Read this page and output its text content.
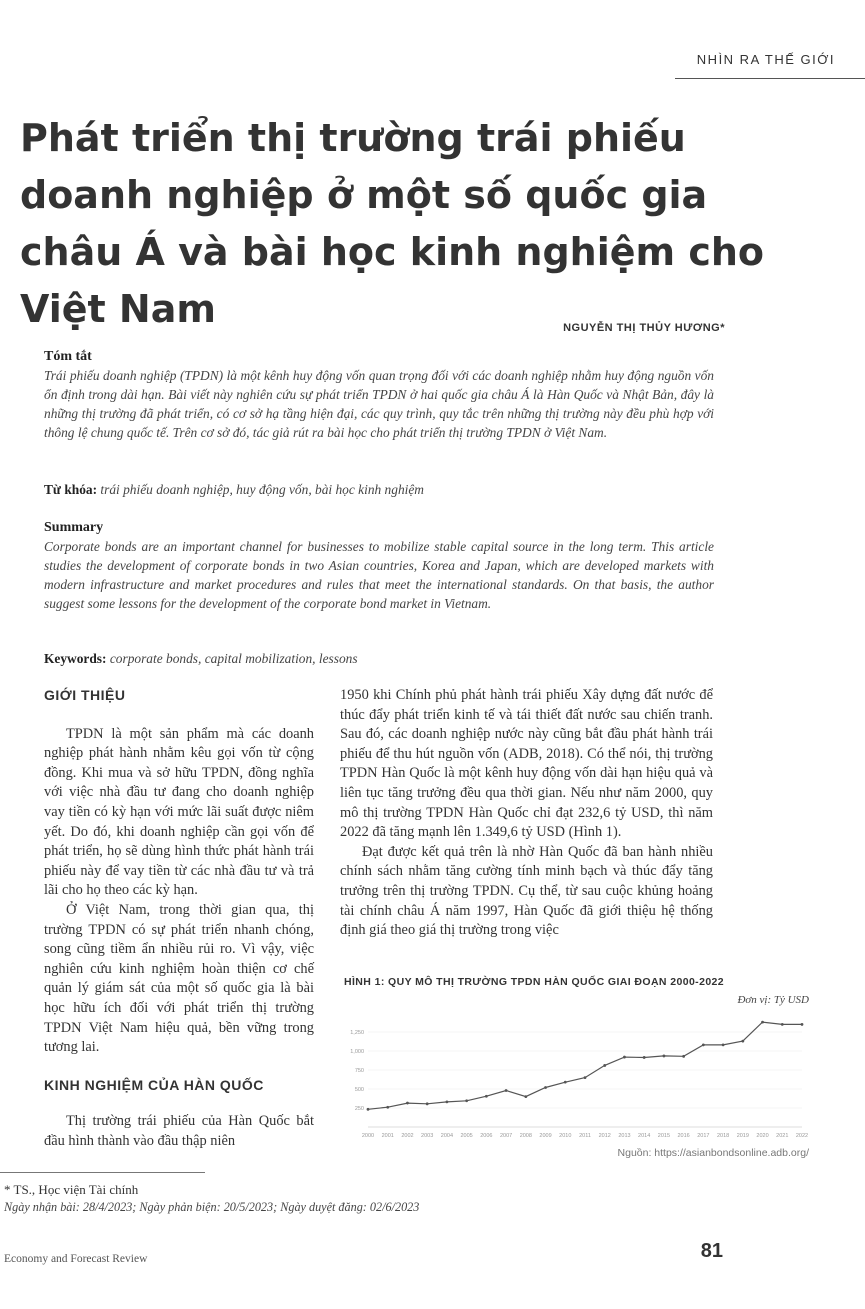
NHÌN RA THẾ GIỚI
Phát triển thị trường trái phiếu doanh nghiệp ở một số quốc gia châu Á và bài học kinh nghiệm cho Việt Nam	NGUYỄN THỊ THỦY HƯƠNG*
Tóm tắt

Trái phiếu doanh nghiệp (TPDN) là một kênh huy động vốn quan trọng đối với các doanh nghiệp nhằm huy động nguồn vốn ổn định trong dài hạn. Bài viết này nghiên cứu sự phát triển TPDN ở hai quốc gia châu Á là Hàn Quốc và Nhật Bản, đây là những thị trường đã phát triển, có cơ sở hạ tầng hiện đại, các quy trình, quy tắc trên những thị trường này đều phù hợp với thông lệ chung quốc tế. Trên cơ sở đó, tác giả rút ra bài học cho phát triển thị trường TPDN ở Việt Nam.

Từ khóa: trái phiếu doanh nghiệp, huy động vốn, bài học kinh nghiệm
Summary

Corporate bonds are an important channel for businesses to mobilize stable capital source in the long term. This article studies the development of corporate bonds in two Asian countries, Korea and Japan, which are developed markets with modern infrastructure and market procedures and rules that meet the international standards. On that basis, the author suggest some lessons for the development of the corporate bond market in Vietnam.

Keywords: corporate bonds, capital mobilization, lessons
GIỚI THIỆU

TPDN là một sản phẩm mà các doanh nghiệp phát hành nhằm kêu gọi vốn từ cộng đồng. Khi mua và sở hữu TPDN, đồng nghĩa với việc nhà đầu tư đang cho doanh nghiệp vay tiền có kỳ hạn với mức lãi suất được niêm yết. Do đó, khi doanh nghiệp cần gọi vốn để phát triển, họ sẽ dùng hình thức phát hành trái phiếu này để vay tiền từ các nhà đầu tư và trả lãi cho họ theo các kỳ hạn.

Ở Việt Nam, trong thời gian qua, thị trường TPDN có sự phát triển nhanh chóng, song cũng tiềm ẩn nhiều rủi ro. Vì vậy, việc nghiên cứu kinh nghiệm hoàn thiện cơ chế quản lý giám sát của một số quốc gia là bài học hữu ích đối với phát triển thị trường TPDN Việt Nam hiệu quả, bền vững trong tương lai.

KINH NGHIỆM CỦA HÀN QUỐC

Thị trường trái phiếu của Hàn Quốc bắt đầu hình thành vào đầu thập niên

1950 khi Chính phủ phát hành trái phiếu Xây dựng đất nước để thúc đẩy phát triển kinh tế và tái thiết đất nước sau chiến tranh. Sau đó, các doanh nghiệp nước này cũng bắt đầu phát hành trái phiếu để thu hút nguồn vốn (ADB, 2018). Có thể nói, thị trường TPDN Hàn Quốc là một kênh huy động vốn dài hạn hiệu quả và liên tục tăng trưởng đều qua thời gian. Nếu như năm 2000, quy mô thị trường TPDN Hàn Quốc chỉ đạt 232,6 tỷ USD, thì năm 2022 đã tăng mạnh lên 1.349,6 tỷ USD (Hình 1).

Đạt được kết quả trên là nhờ Hàn Quốc đã ban hành nhiều chính sách nhằm tăng cường tính minh bạch và thúc đẩy tăng trưởng trên thị trường TPDN. Cụ thể, từ sau cuộc khủng hoảng tài chính châu Á năm 1997, Hàn Quốc đã giới thiệu hệ thống định giá theo giá thị trường trong việc

HÌNH 1: QUY MÔ THỊ TRƯỜNG TPDN HÀN QUỐC GIAI ĐOẠN 2000-2022
Đơn vị: Tỷ USD
250
500
750
1,000
1,250
2000 2001 2002 2003 2004 2005 2006 2007 2008 2009 2010 2011 2012 2013 2014 2015 2016 2017 2018 2019 2020 2021 2022
Nguồn: https://asianbondsonline.adb.org/
* TS., Học viện Tài chính
Ngày nhận bài: 28/4/2023; Ngày phản biện: 20/5/2023; Ngày duyệt đăng: 02/6/2023
Economy and Forecast Review	81
